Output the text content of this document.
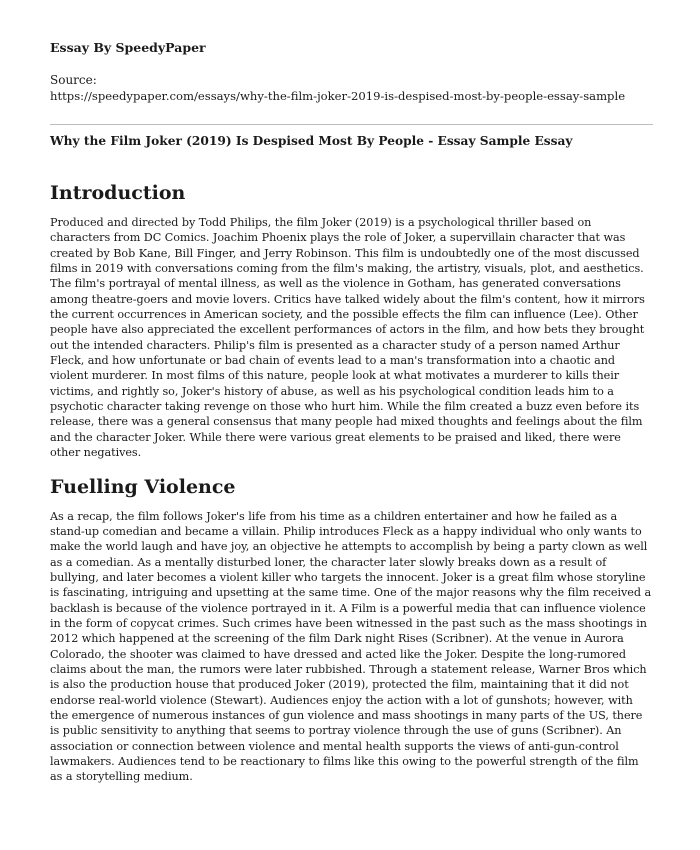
Essay By SpeedyPaper

Source:

https://speedypaper.com/essays/why-the-film-joker-2019-is-despised-most-by-people-essay-sample

Why the Film Joker (2019) Is Despised Most By People - Essay Sample Essay

Introduction

Produced and directed by Todd Philips, the film Joker (2019) is a psychological thriller based on characters from DC Comics. Joachim Phoenix plays the role of Joker, a supervillain character that was created by Bob Kane, Bill Finger, and Jerry Robinson. This film is undoubtedly one of the most discussed films in 2019 with conversations coming from the film's making, the artistry, visuals, plot, and aesthetics. The film's portrayal of mental illness, as well as the violence in Gotham, has generated conversations among theatre-goers and movie lovers. Critics have talked widely about the film's content, how it mirrors the current occurrences in American society, and the possible effects the film can influence (Lee). Other people have also appreciated the excellent performances of actors in the film, and how bets they brought out the intended characters. Philip's film is presented as a character study of a person named Arthur Fleck, and how unfortunate or bad chain of events lead to a man's transformation into a chaotic and violent murderer. In most films of this nature, people look at what motivates a murderer to kills their victims, and rightly so, Joker's history of abuse, as well as his psychological condition leads him to a psychotic character taking revenge on those who hurt him. While the film created a buzz even before its release, there was a general consensus that many people had mixed thoughts and feelings about the film and the character Joker. While there were various great elements to be praised and liked, there were other negatives.

Fuelling Violence

As a recap, the film follows Joker's life from his time as a children entertainer and how he failed as a stand-up comedian and became a villain. Philip introduces Fleck as a happy individual who only wants to make the world laugh and have joy, an objective he attempts to accomplish by being a party clown as well as a comedian. As a mentally disturbed loner, the character later slowly breaks down as a result of bullying, and later becomes a violent killer who targets the innocent. Joker is a great film whose storyline is fascinating, intriguing and upsetting at the same time. One of the major reasons why the film received a backlash is because of the violence portrayed in it. A Film is a powerful media that can influence violence in the form of copycat crimes. Such crimes have been witnessed in the past such as the mass shootings in 2012 which happened at the screening of the film Dark night Rises (Scribner). At the venue in Aurora Colorado, the shooter was claimed to have dressed and acted like the Joker. Despite the long-rumored claims about the man, the rumors were later rubbished. Through a statement release, Warner Bros which is also the production house that produced Joker (2019), protected the film, maintaining that it did not endorse real-world violence (Stewart). Audiences enjoy the action with a lot of gunshots; however, with the emergence of numerous instances of gun violence and mass shootings in many parts of the US, there is public sensitivity to anything that seems to portray violence through the use of guns (Scribner). An association or connection between violence and mental health supports the views of anti-gun-control lawmakers. Audiences tend to be reactionary to films like this owing to the powerful strength of the film as a storytelling medium.
